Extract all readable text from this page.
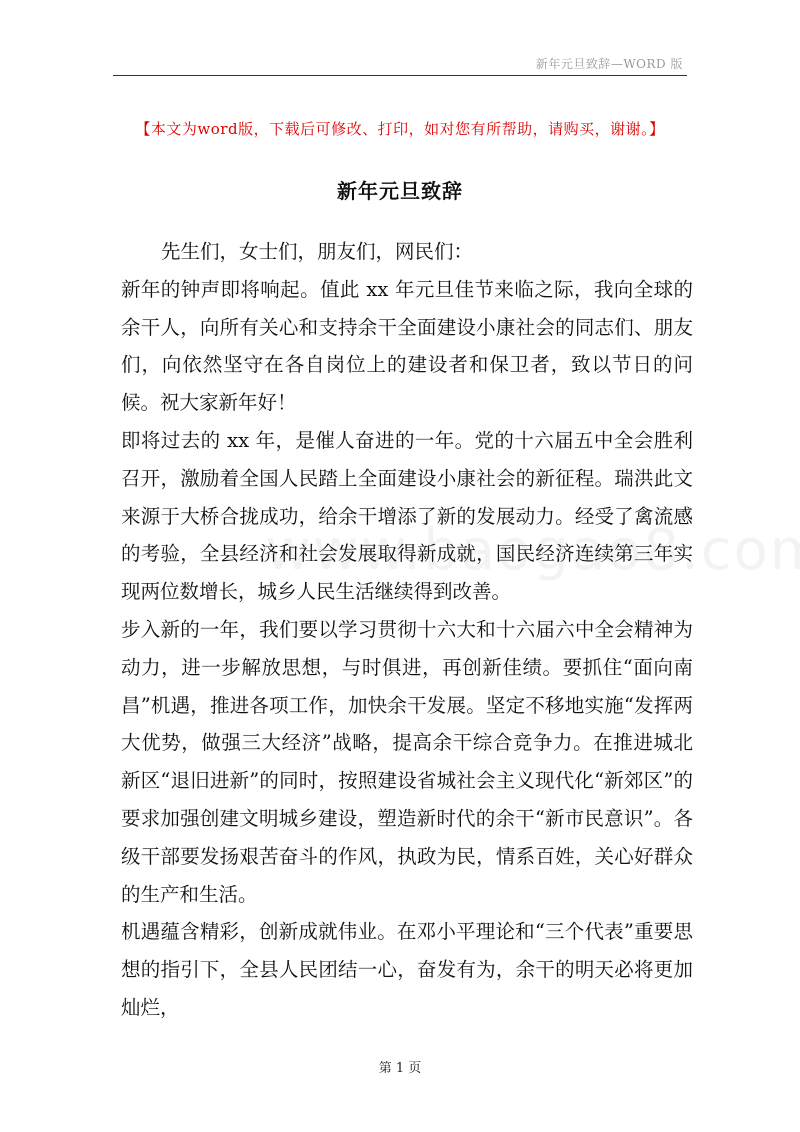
新年元旦致辞—WORD 版
【本文为word版，下载后可修改、打印，如对您有所帮助，请购买，谢谢。】
新年元旦致辞

先生们，女士们，朋友们，网民们：

新年的钟声即将响起。值此 xx 年元旦佳节来临之际，我向全球的余干人，向所有关心和支持余干全面建设小康社会的同志们、朋友们，向依然坚守在各自岗位上的建设者和保卫者，致以节日的问候。祝大家新年好！

即将过去的 xx 年，是催人奋进的一年。党的十六届五中全会胜利召开，激励着全国人民踏上全面建设小康社会的新征程。瑞洪此文来源于大桥合拢成功，给余干增添了新的发展动力。经受了禽流感的考验，全县经济和社会发展取得新成就，国民经济连续第三年实现两位数增长，城乡人民生活继续得到改善。

步入新的一年，我们要以学习贯彻十六大和十六届六中全会精神为动力，进一步解放思想，与时俱进，再创新佳绩。要抓住“面向南昌”机遇，推进各项工作，加快余干发展。坚定不移地实施“发挥两大优势，做强三大经济”战略，提高余干综合竞争力。在推进城北新区“退旧进新”的同时，按照建设省城社会主义现代化“新郊区”的要求加强创建文明城乡建设，塑造新时代的余干“新市民意识”。各级干部要发扬艰苦奋斗的作风，执政为民，情系百姓，关心好群众的生产和生活。

机遇蕴含精彩，创新成就伟业。在邓小平理论和“三个代表”重要思想的指引下，全县人民团结一心，奋发有为，余干的明天必将更加灿烂，

第 1 页
